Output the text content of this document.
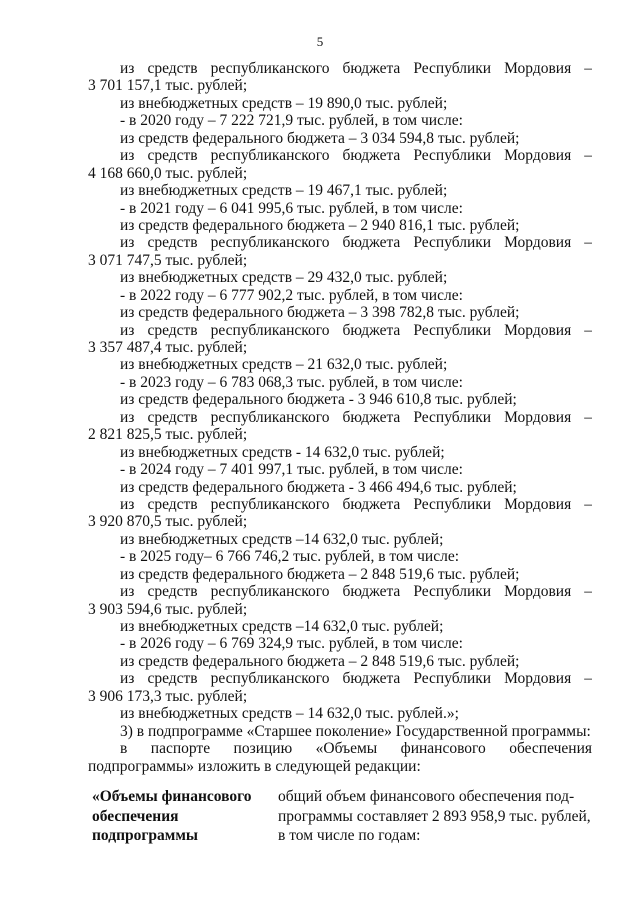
5
из средств республиканского бюджета Республики Мордовия –
3 701 157,1 тыс. рублей;
из внебюджетных средств – 19 890,0 тыс. рублей;
- в 2020 году – 7 222 721,9 тыс. рублей, в том числе:
из средств федерального бюджета – 3 034 594,8 тыс. рублей;
из средств республиканского бюджета Республики Мордовия –
4 168 660,0 тыс. рублей;
из внебюджетных средств – 19 467,1 тыс. рублей;
- в 2021 году – 6 041 995,6 тыс. рублей, в том числе:
из средств федерального бюджета – 2 940 816,1 тыс. рублей;
из средств республиканского бюджета Республики Мордовия –
3 071 747,5 тыс. рублей;
из внебюджетных средств – 29 432,0 тыс. рублей;
- в 2022 году – 6 777 902,2 тыс. рублей, в том числе:
из средств федерального бюджета – 3 398 782,8 тыс. рублей;
из средств республиканского бюджета Республики Мордовия –
3 357 487,4 тыс. рублей;
из внебюджетных средств – 21 632,0 тыс. рублей;
- в 2023 году – 6 783 068,3 тыс. рублей, в том числе:
из средств федерального бюджета - 3 946 610,8 тыс. рублей;
из средств республиканского бюджета Республики Мордовия –
2 821 825,5 тыс. рублей;
из внебюджетных средств - 14 632,0 тыс. рублей;
- в 2024 году – 7 401 997,1 тыс. рублей, в том числе:
из средств федерального бюджета - 3 466 494,6 тыс. рублей;
из средств республиканского бюджета Республики Мордовия –
3 920 870,5 тыс. рублей;
из внебюджетных средств –14 632,0 тыс. рублей;
- в 2025 году– 6 766 746,2 тыс. рублей, в том числе:
из средств федерального бюджета – 2 848 519,6 тыс. рублей;
из средств республиканского бюджета Республики Мордовия –
3 903 594,6 тыс. рублей;
из внебюджетных средств –14 632,0 тыс. рублей;
- в 2026 году – 6 769 324,9 тыс. рублей, в том числе:
из средств федерального бюджета – 2 848 519,6 тыс. рублей;
из средств республиканского бюджета Республики Мордовия –
3 906 173,3 тыс. рублей;
из внебюджетных средств – 14 632,0 тыс. рублей.»;
3) в подпрограмме «Старшее поколение» Государственной программы:
в паспорте позицию «Объемы финансового обеспечения
подпрограммы» изложить в следующей редакции:
«Объемы финансового
обеспечения
подпрограммы
общий объем финансового обеспечения под-
программы составляет 2 893 958,9 тыс. рублей,
в том числе по годам:
